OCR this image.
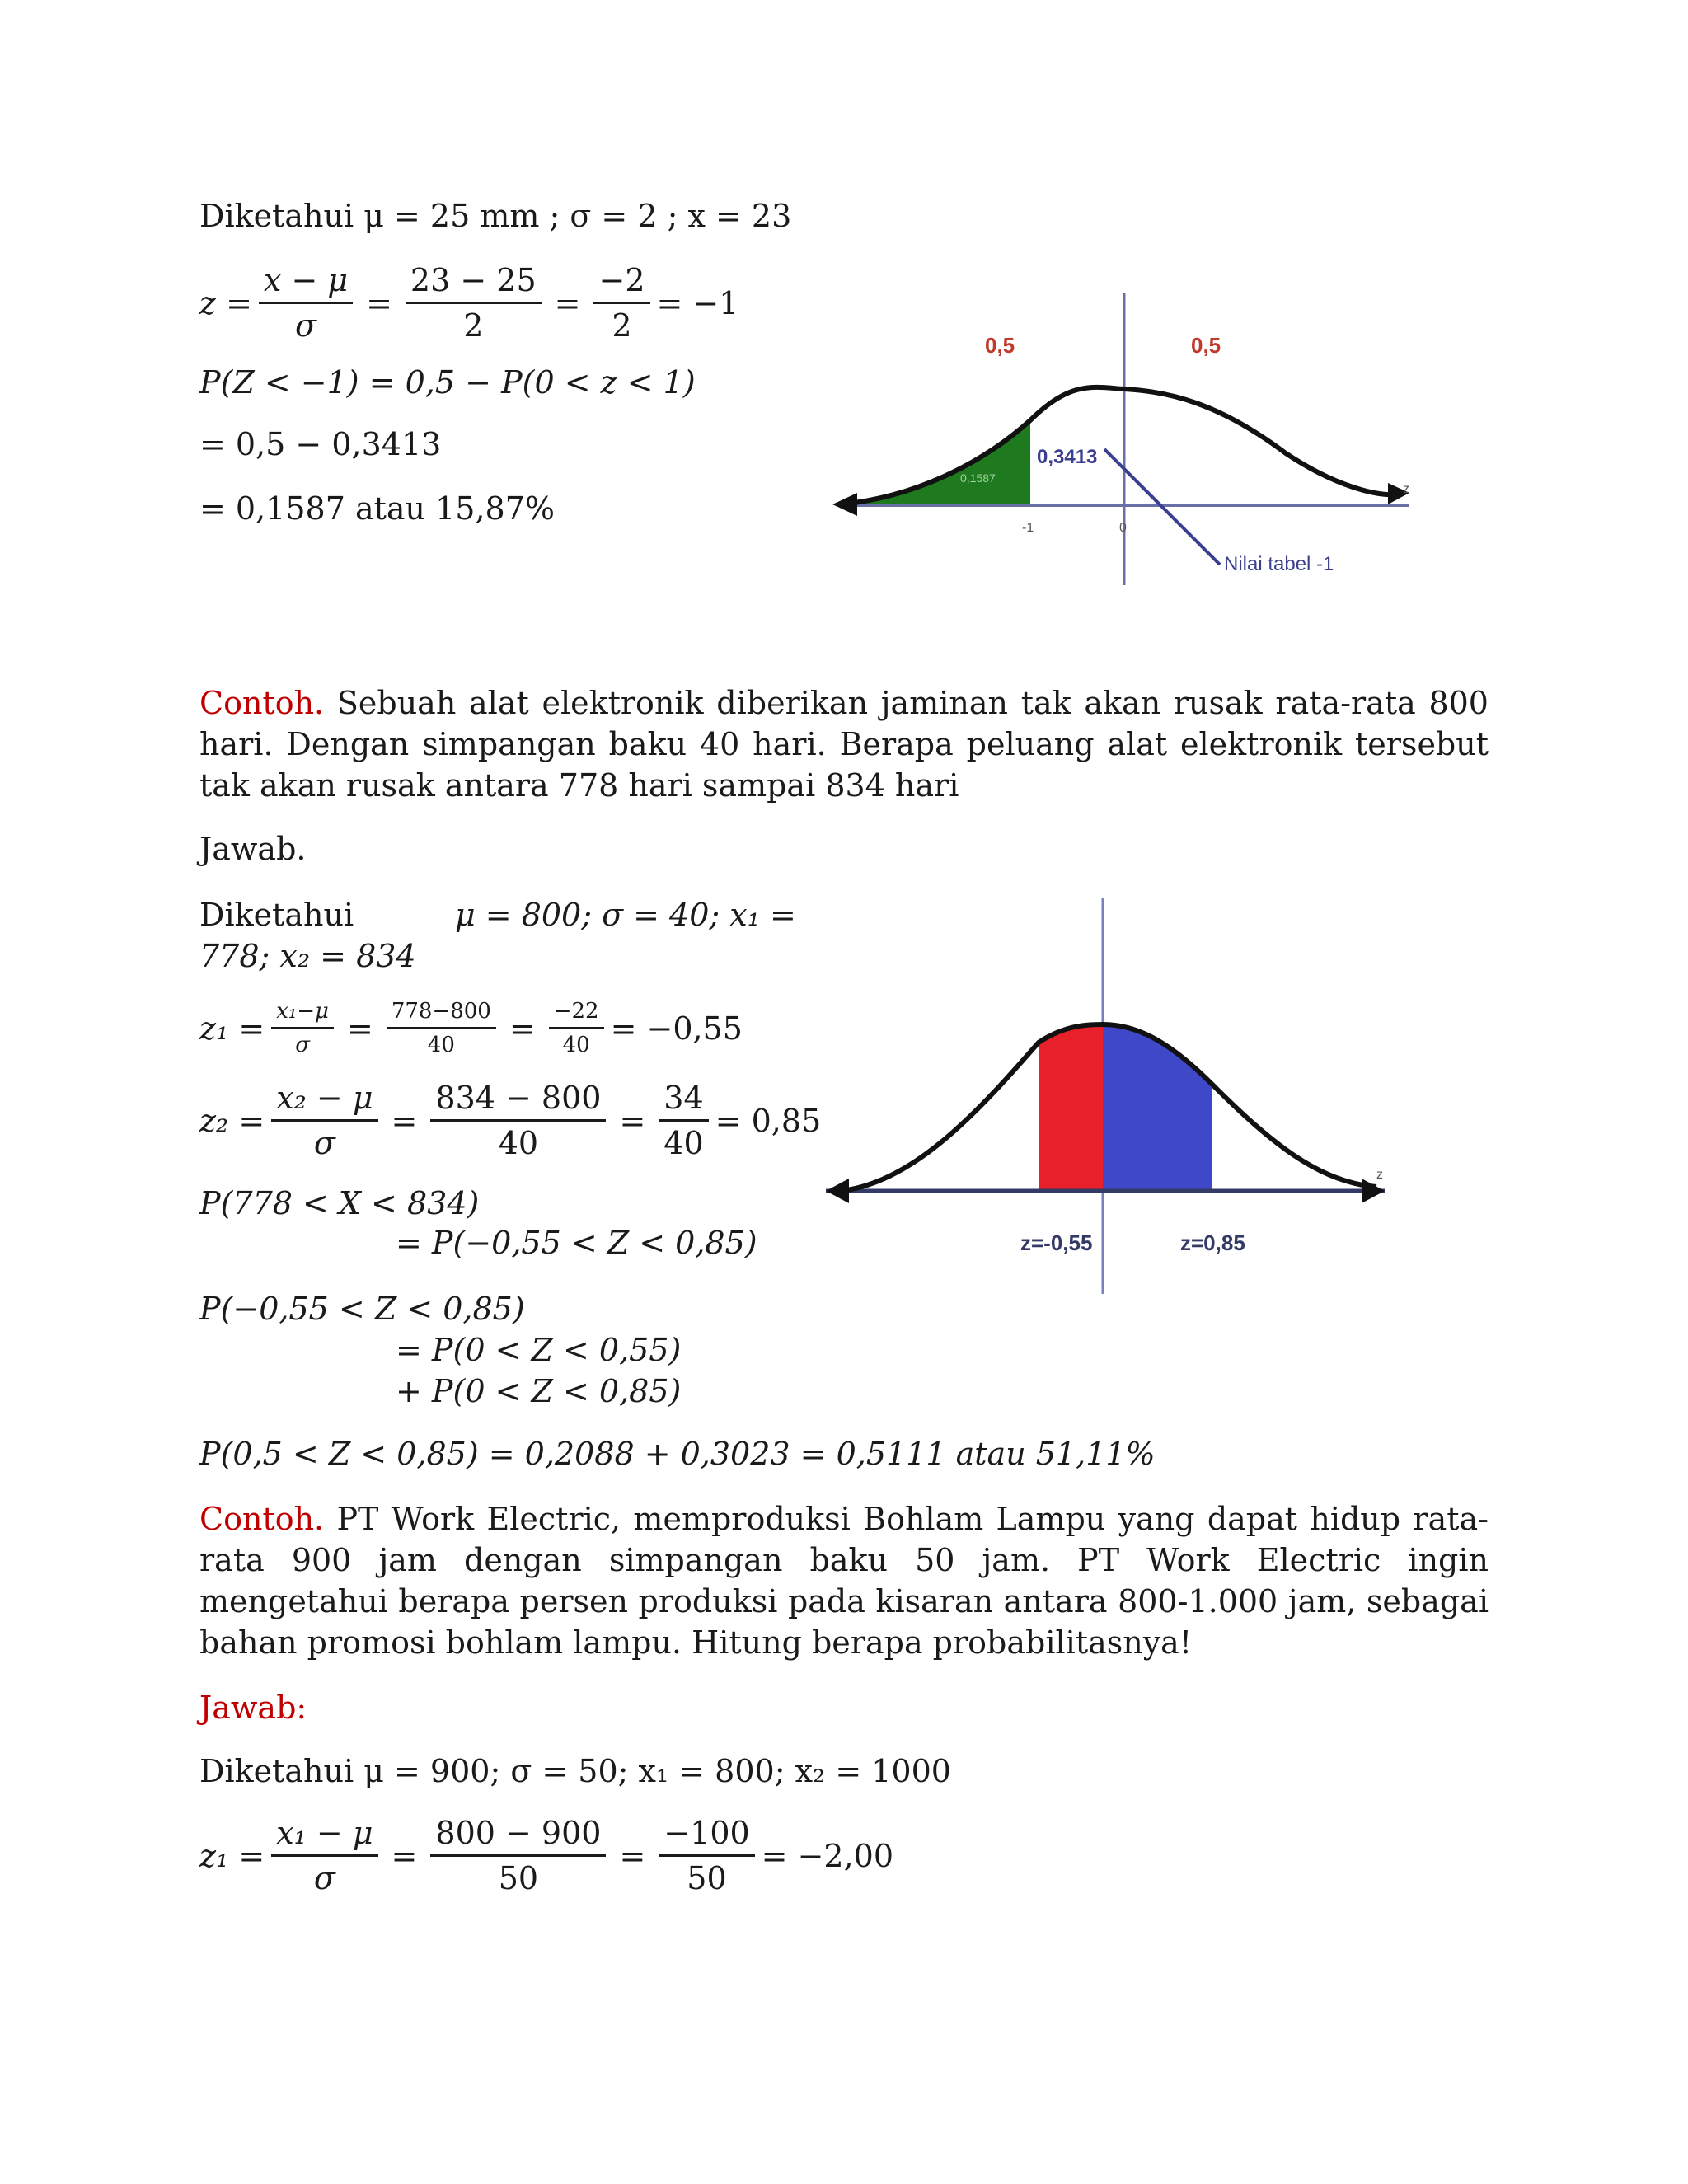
Diketahui μ = 25 mm ; σ = 2 ; x = 23
$z = \frac{x - \mu}{\sigma} = \frac{23 - 25}{2} = \frac{-2}{2} = -1$
P(Z < −1) = 0,5 − P(0 < z < 1)
= 0,5 − 0,3413
= 0,1587 atau 15,87%
0,5	0,5
0,3413
0,1587
Nilai tabel -1
-1	0
z
Contoh. Sebuah alat elektronik diberikan jaminan tak akan rusak rata-rata 800 hari. Dengan simpangan baku 40 hari. Berapa peluang alat elektronik tersebut tak akan rusak antara 778 hari sampai 834 hari
Jawab.
Diketahui	μ = 800; σ = 40; x₁ =
778; x₂ = 834
$z_1 = \frac{\text{x₁−μ}}{\sigma} = \frac{778-800}{40} = \frac{-22}{40} = -0,55$
$z_2 = \frac{\text{x₂ − μ}}{\sigma} = \frac{834 - 800}{40} = \frac{34}{40} = 0,85$
P(778 < X < 834)
= P(−0,55 < Z < 0,85)
P(−0,55 < Z < 0,85)
= P(0 < Z < 0,55)
+ P(0 < Z < 0,85)
P(0,5 < Z < 0,85) = 0,2088 + 0,3023 = 0,5111 atau 51,11%
z=-0,55	z=0,85
z
Contoh. PT Work Electric, memproduksi Bohlam Lampu yang dapat hidup rata-rata 900 jam dengan simpangan baku 50 jam. PT Work Electric ingin mengetahui berapa persen produksi pada kisaran antara 800-1.000 jam, sebagai bahan promosi bohlam lampu. Hitung berapa probabilitasnya!
Jawab:
Diketahui μ = 900; σ = 50; x₁ = 800; x₂ = 1000
$z_1 = \frac{\text{x₁ − μ}}{\sigma} = \frac{800 - 900}{50} = \frac{-100}{50} = -2,00$
